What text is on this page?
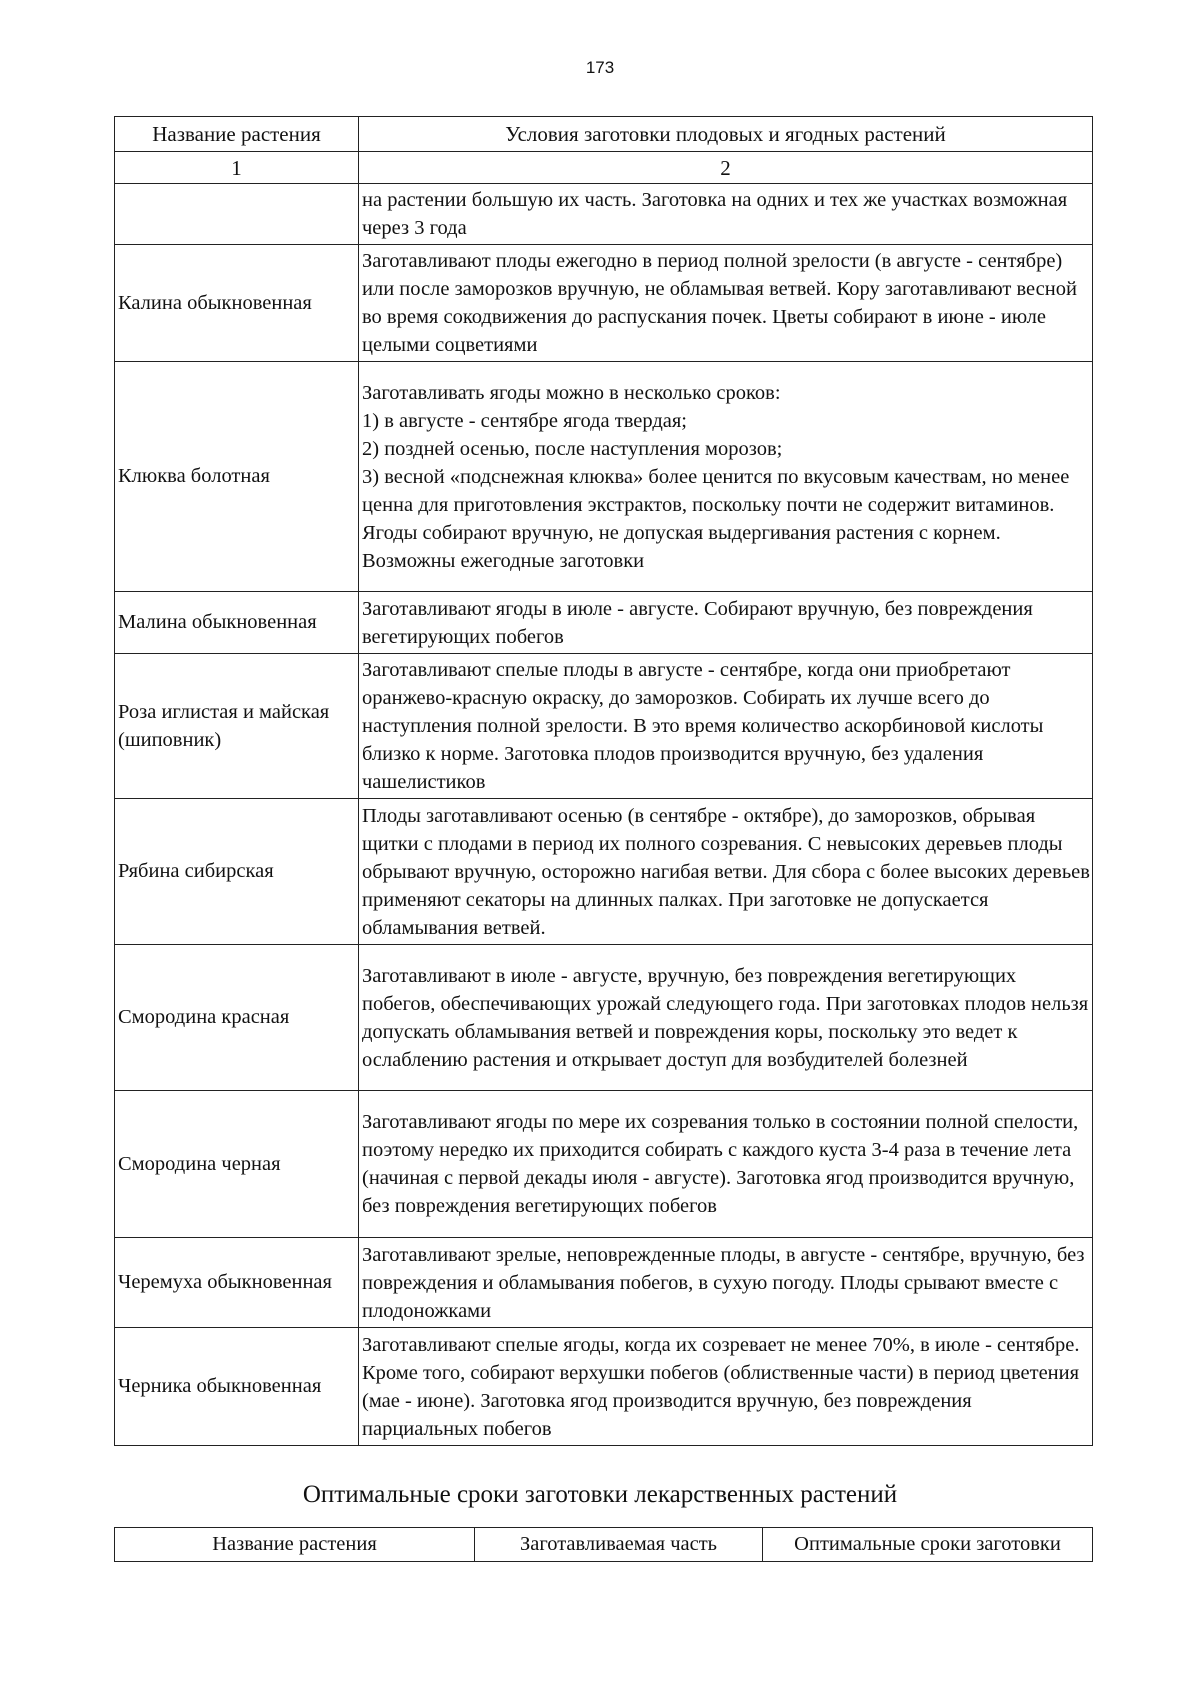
173
Название растения	Условия заготовки плодовых и ягодных растений
1	2
	на растении большую их часть. Заготовка на одних и тех же участках возможная через 3 года
Калина обыкновенная	Заготавливают плоды ежегодно в период полной зрелости (в августе - сентябре) или после заморозков вручную, не обламывая ветвей. Кору заготавливают весной во время сокодвижения до распускания почек. Цветы собирают в июне - июле целыми соцветиями
Клюква болотная	Заготавливать ягоды можно в несколько сроков:
1) в августе - сентябре ягода твердая;
2) поздней осенью, после наступления морозов;
3) весной «подснежная клюква» более ценится по вкусовым качествам, но менее ценна для приготовления экстрактов, поскольку почти не содержит витаминов. Ягоды собирают вручную, не допуская выдергивания растения с корнем. Возможны ежегодные заготовки

Малина обыкновенная	Заготавливают ягоды в июле - августе. Собирают вручную, без повреждения вегетирующих побегов
Роза иглистая и майская (шиповник)	Заготавливают спелые плоды в августе - сентябре, когда они приобретают оранжево-красную окраску, до заморозков. Собирать их лучше всего до наступления полной зрелости. В это время количество аскорбиновой кислоты близко к норме. Заготовка плодов производится вручную, без удаления чашелистиков
Рябина сибирская	Плоды заготавливают осенью (в сентябре - октябре), до заморозков, обрывая щитки с плодами в период их полного созревания. С невысоких деревьев плоды обрывают вручную, осторожно нагибая ветви. Для сбора с более высоких деревьев применяют секаторы на длинных палках. При заготовке не допускается обламывания ветвей.
Смородина красная	Заготавливают в июле - августе, вручную, без повреждения вегетирующих побегов, обеспечивающих урожай следующего года. При заготовках плодов нельзя допускать обламывания ветвей и повреждения коры, поскольку это ведет к ослаблению растения и открывает доступ для возбудителей болезней
Смородина черная	Заготавливают ягоды по мере их созревания только в состоянии полной спелости, поэтому нередко их приходится собирать с каждого куста 3-4 раза в течение лета (начиная с первой декады июля - августе). Заготовка ягод производится вручную, без повреждения вегетирующих побегов
Черемуха обыкновенная	Заготавливают зрелые, неповрежденные плоды, в августе - сентябре, вручную, без повреждения и обламывания побегов, в сухую погоду. Плоды срывают вместе с плодоножками
Черника обыкновенная	Заготавливают спелые ягоды, когда их созревает не менее 70%, в июле - сентябре. Кроме того, собирают верхушки побегов (облиственные части) в период цветения (мае - июне). Заготовка ягод производится вручную, без повреждения парциальных побегов
Оптимальные сроки заготовки лекарственных растений
Название растения	Заготавливаемая часть	Оптимальные сроки заготовки
